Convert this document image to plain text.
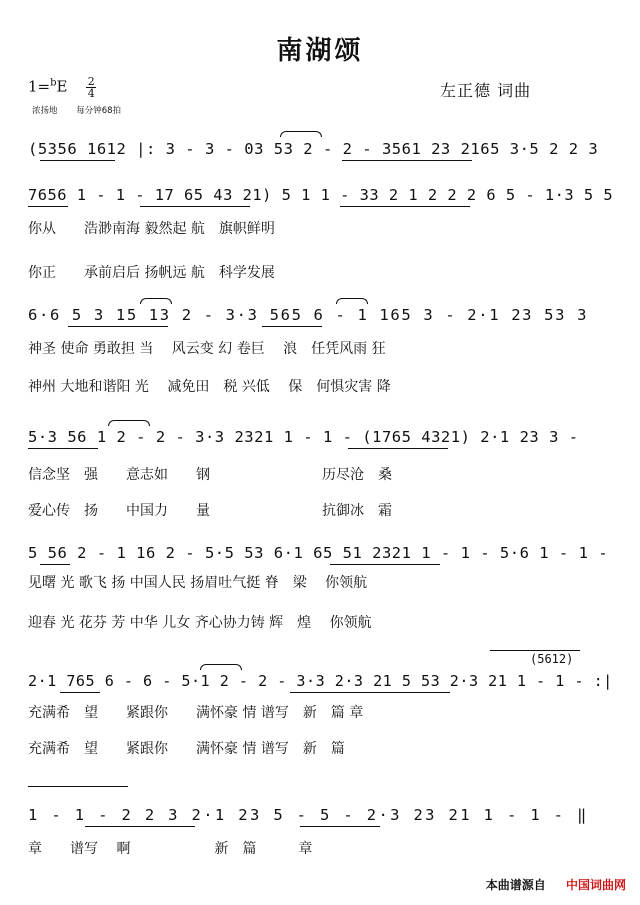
南湖颂
$1=^bE \frac{2}{4}$
浓扬地 每分钟68拍
左正德 词曲
(5356 1612 |: 3 - 3 - 03 53 2 - 2 - 3561 23 2165 3·5 2 2 3
7656 1 - 1 - 17 65 43 21) 5 1 1 - 33 2 1 2 2 2 6 5 - 1·3 5 5
你从　　浩渺南海 毅然起 航　旗帜鲜明
你正　　承前启后 扬帆远 航　科学发展
6·6 5 3 15 13 2 - 3·3 565 6 - 1 165 3 - 2·1 23 53 3
神圣 使命 勇敢担 当　 风云变 幻 卷巨　 浪　任凭风雨 狂
神州 大地和谐阳 光　 减免田　税 兴低　 保　何惧灾害 降
5·3 56 1 2 - 2 - 3·3 2321 1 - 1 - (1765 4321) 2·1 23 3 -
信念坚　强　　意志如　　钢　　　　　　　　历尽沧　桑
爱心传　扬　　中国力　　量　　　　　　　　抗御冰　霜
5 56 2 - 1 16 2 - 5·5 53 6·1 65 51 2321 1 - 1 - 5·6 1 - 1 -
见曙 光 歌飞 扬 中国人民 扬眉吐气挺 脊　梁　 你领航
迎春 光 花芬 芳 中华 儿女 齐心协力铸 辉　煌　 你领航
2·1 765 6 - 6 - 5·1 2 - 2 - 3·3 2·3 21 5 53 2·3 21 1 - 1 - :|
(5612)
充满希　望　　紧跟你　　满怀豪 情 谱写　新　篇 章
充满希　望　　紧跟你　　满怀豪 情 谱写　新　篇
1 - 1 - 2 2 3 2·1 23 5 - 5 - 2·3 23 21 1 - 1 - ‖
章　　谱写　 啊　　　　　　新　篇　　　章
本曲谱源自 中国词曲网
